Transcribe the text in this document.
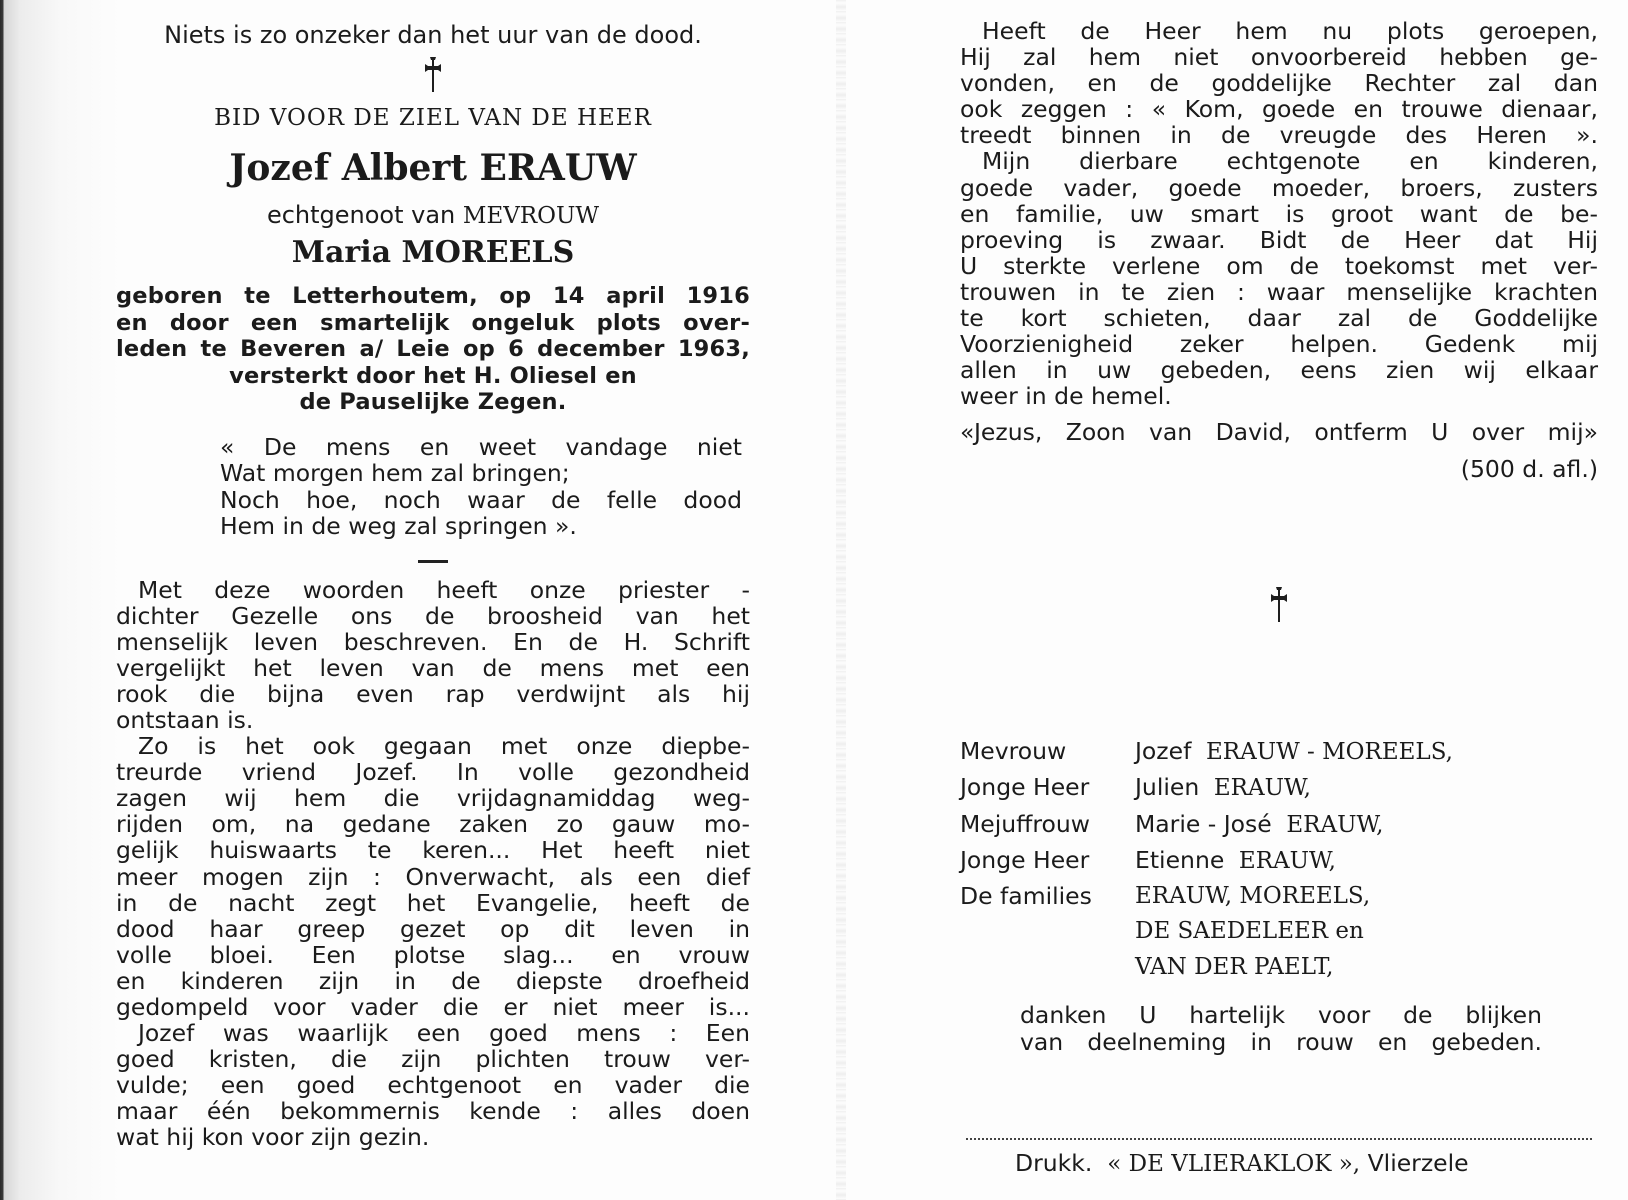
Niets is zo onzeker dan het uur van de dood.
BID VOOR DE ZIEL VAN DE HEER
Jozef Albert ERAUW
echtgenoot van MEVROUW
Maria MOREELS
geboren te Letterhoutem, op 14 april 1916
en door een smartelijk ongeluk plots over-
leden te Beveren a/ Leie op 6 december 1963,
versterkt door het H. Oliesel en
de Pauselijke Zegen.
« De mens en weet vandage niet
Wat morgen hem zal bringen;
Noch hoe, noch waar de felle dood
Hem in de weg zal springen ».
Met deze woorden heeft onze priester -
dichter Gezelle ons de broosheid van het
menselijk leven beschreven. En de H. Schrift
vergelijkt het leven van de mens met een
rook die bijna even rap verdwijnt als hij
ontstaan is.
Zo is het ook gegaan met onze diepbe-
treurde vriend Jozef. In volle gezondheid
zagen wij hem die vrijdagnamiddag weg-
rijden om, na gedane zaken zo gauw mo-
gelijk huiswaarts te keren... Het heeft niet
meer mogen zijn : Onverwacht, als een dief
in de nacht zegt het Evangelie, heeft de
dood haar greep gezet op dit leven in
volle bloei. Een plotse slag... en vrouw
en kinderen zijn in de diepste droefheid
gedompeld voor vader die er niet meer is...
Jozef was waarlijk een goed mens : Een
goed kristen, die zijn plichten trouw ver-
vulde; een goed echtgenoot en vader die
maar één bekommernis kende : alles doen
wat hij kon voor zijn gezin.
Heeft de Heer hem nu plots geroepen,
Hij zal hem niet onvoorbereid hebben ge-
vonden, en de goddelijke Rechter zal dan
ook zeggen : « Kom, goede en trouwe dienaar,
treedt binnen in de vreugde des Heren ».
Mijn dierbare echtgenote en kinderen,
goede vader, goede moeder, broers, zusters
en familie, uw smart is groot want de be-
proeving is zwaar. Bidt de Heer dat Hij
U sterkte verlene om de toekomst met ver-
trouwen in te zien : waar menselijke krachten
te kort schieten, daar zal de Goddelijke
Voorzienigheid zeker helpen. Gedenk mij
allen in uw gebeden, eens zien wij elkaar
weer in de hemel.
«Jezus, Zoon van David, ontferm U over mij»
(500 d. afl.)
Mevrouw	Jozef ERAUW - MOREELS,
Jonge Heer	Julien ERAUW,
Mejuffrouw	Marie - José ERAUW,
Jonge Heer	Etienne ERAUW,
De families	ERAUW, MOREELS,
DE SAEDELEER en
VAN DER PAELT,
danken U hartelijk voor de blijken
van deelneming in rouw en gebeden.
Drukk. « DE VLIERAKLOK », Vlierzele
